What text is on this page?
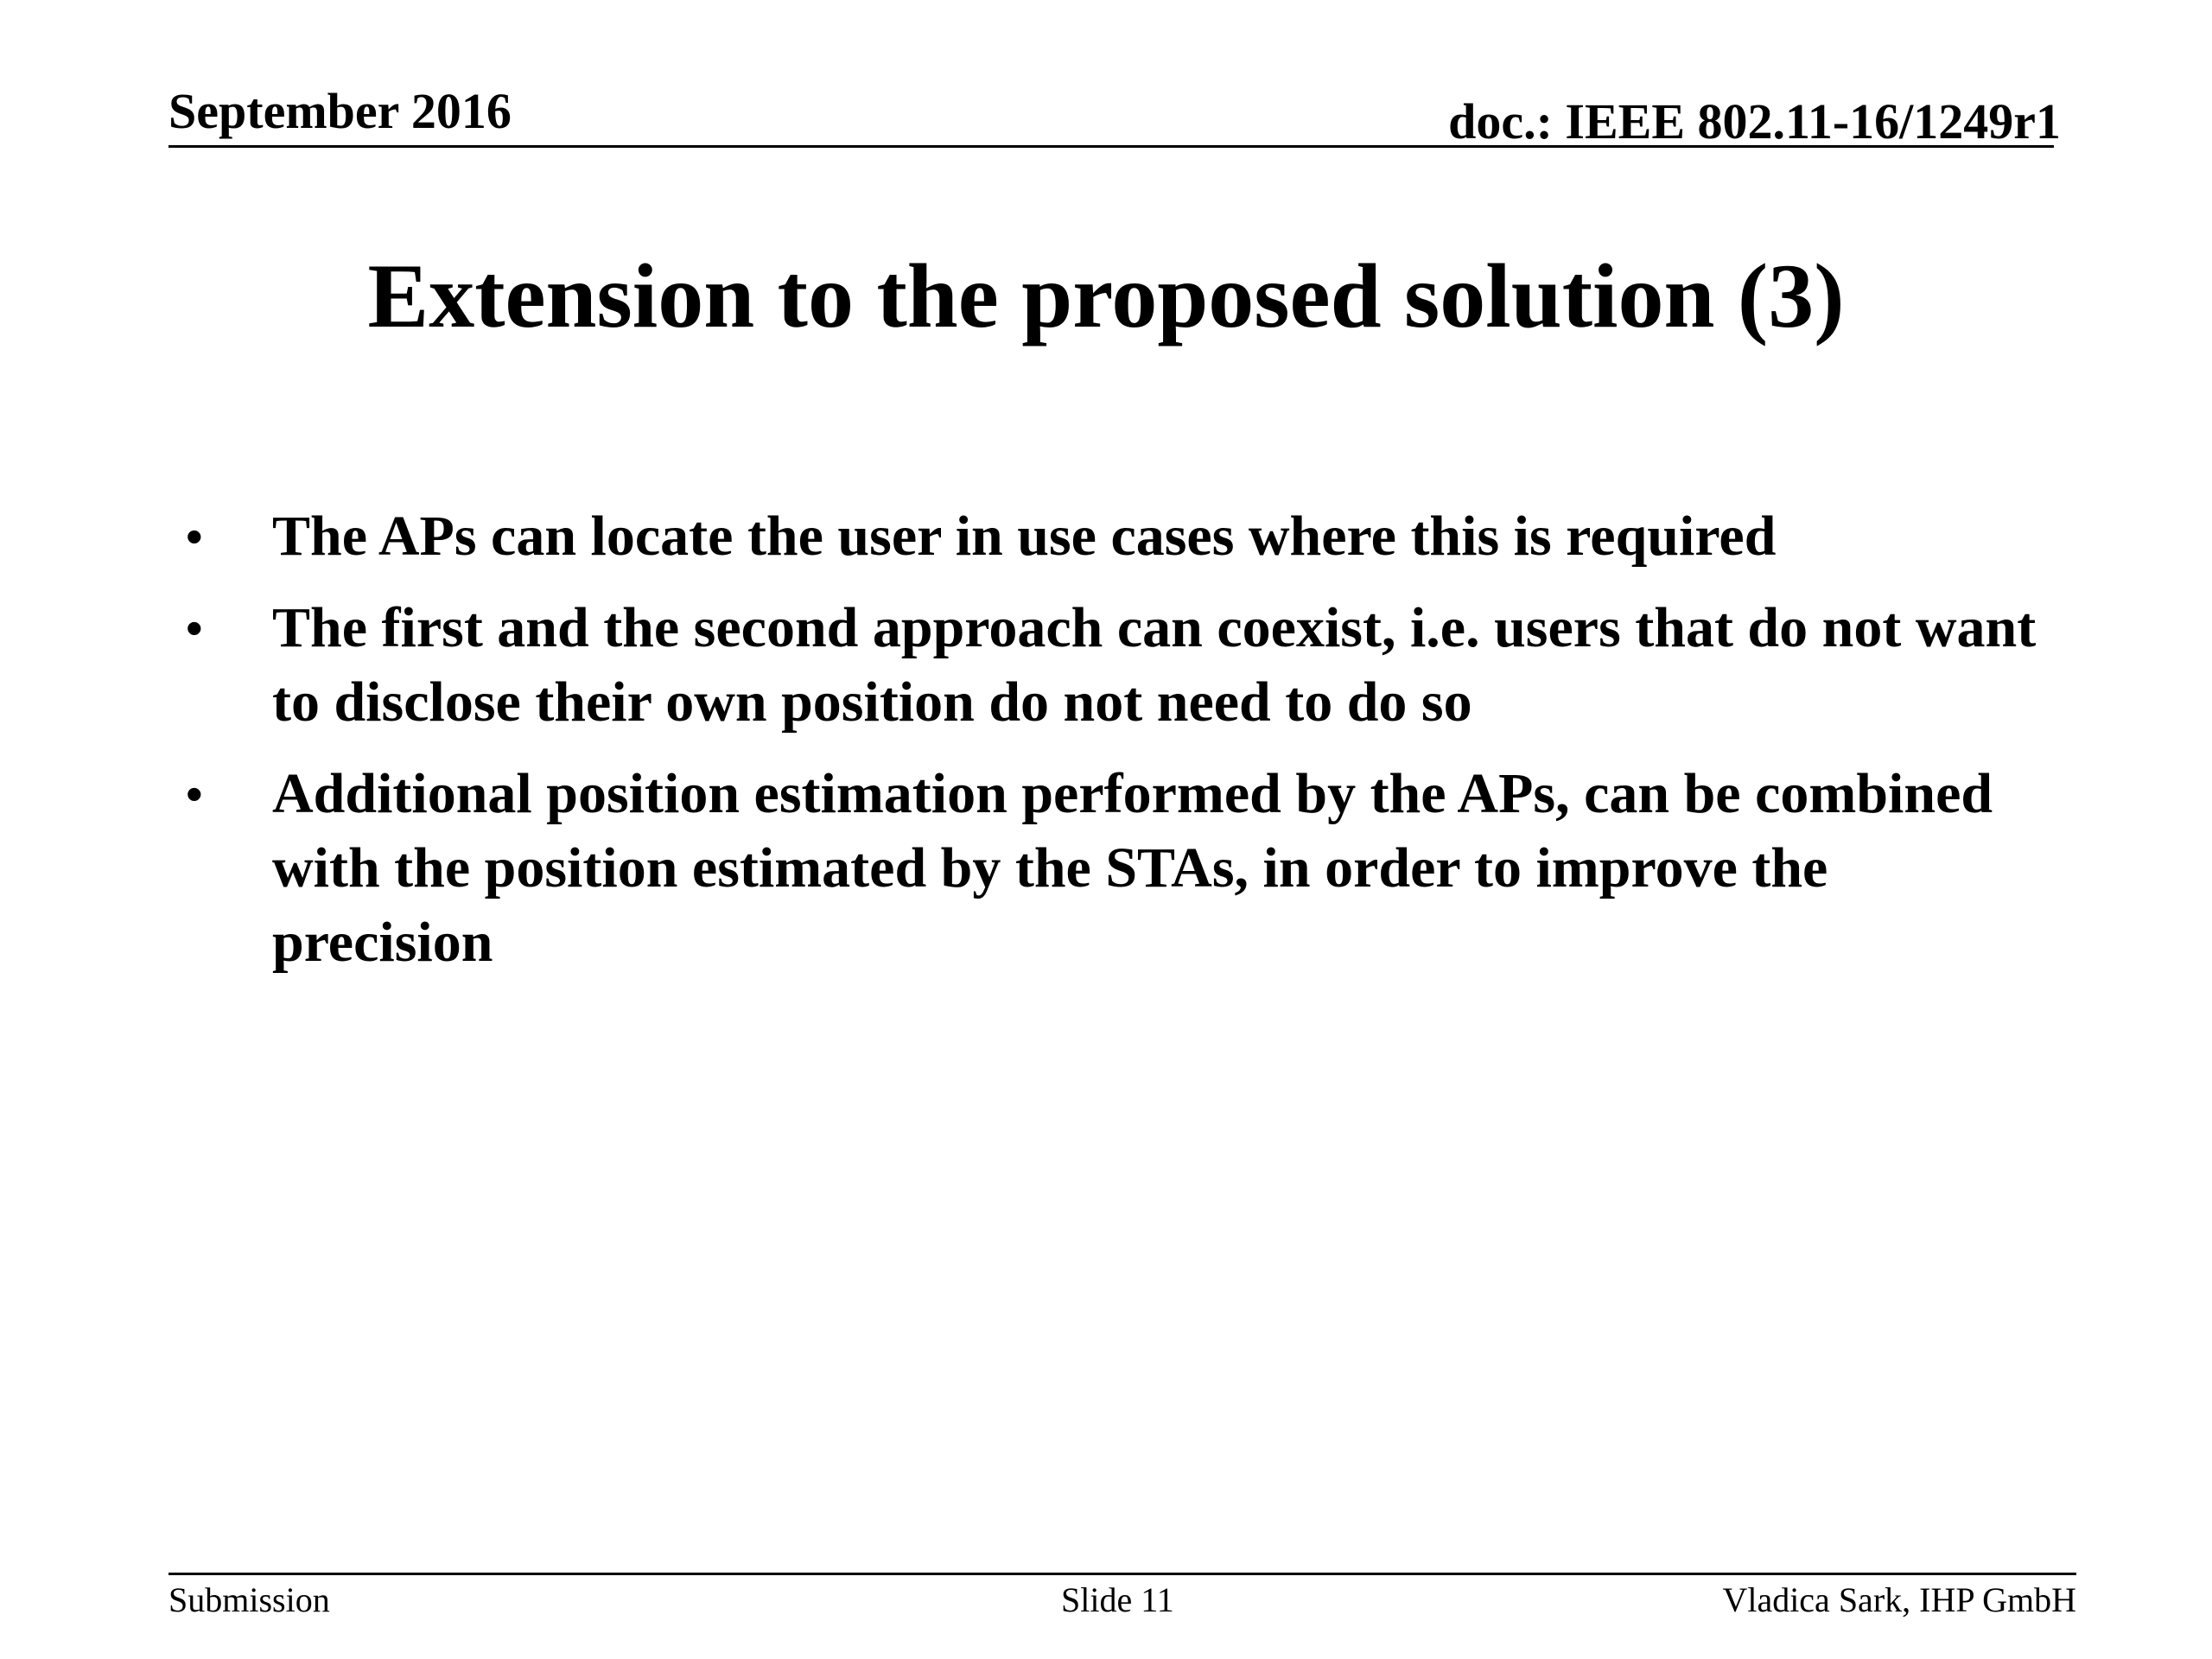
September 2016	doc.: IEEE 802.11-16/1249r1
Extension to the proposed solution (3)
• The APs can locate the user in use cases where this is required
• The first and the second approach can coexist, i.e. users that do not want to disclose their own position do not need to do so
• Additional position estimation performed by the APs, can be combined with the position estimated by the STAs, in order to improve the precision
Submission	Slide 11	Vladica Sark, IHP GmbH
